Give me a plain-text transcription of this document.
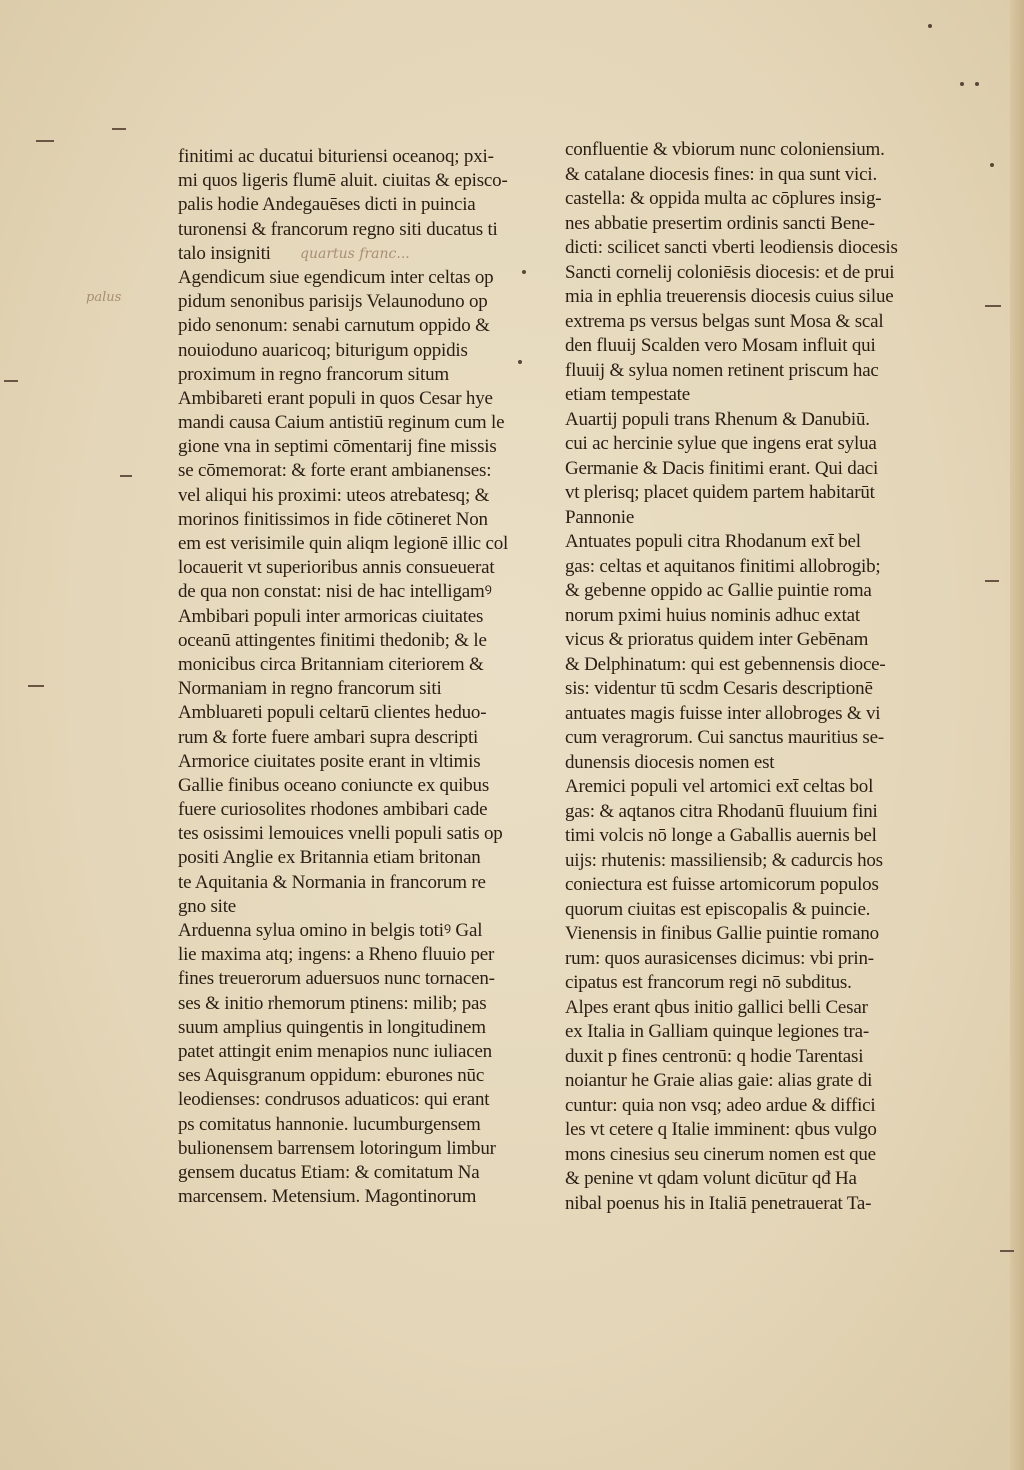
finitimi ac ducatui bituriensi oceanoq; pxi-
mi quos ligeris flumē aluit. ciuitas & episco-
palis hodie Andegauēses dicti in puincia
turonensi & francorum regno siti ducatus ti
talo insigniti
Agendicum siue egendicum inter celtas op
pidum senonibus parisijs Velaunoduno op
pido senonum: senabi carnutum oppido &
nouioduno auaricoq; biturigum oppidis
proximum in regno francorum situm
Ambibareti erant populi in quos Cesar hye
mandi causa Caium antistiū reginum cum le
gione vna in septimi cōmentarij fine missis
se cōmemorat: & forte erant ambianenses:
vel aliqui his proximi: uteos atrebatesq; &
morinos finitissimos in fide cōtineret Non
em est verisimile quin aliqm legionē illic col
locauerit vt superioribus annis consueuerat
de qua non constat: nisi de hac intelligamꝰ
Ambibari populi inter armoricas ciuitates
oceanū attingentes finitimi thedonib; & le
monicibus circa Britanniam citeriorem &
Normaniam in regno francorum siti
Ambluareti populi celtarū clientes heduo-
rum & forte fuere ambari supra descripti
Armorice ciuitates posite erant in vltimis
Gallie finibus oceano coniuncte ex quibus
fuere curiosolites rhodones ambibari cade
tes osissimi lemouices vnelli populi satis op
positi Anglie ex Britannia etiam britonan
te Aquitania & Normania in francorum re
gno site
Arduenna sylua omino in belgis totiꝰ Gal
lie maxima atq; ingens: a Rheno fluuio per
fines treuerorum aduersuos nunc tornacen-
ses & initio rhemorum ptinens: milib; pas
suum amplius quingentis in longitudinem
patet attingit enim menapios nunc iuliacen
ses Aquisgranum oppidum: eburones nūc
leodienses: condrusos aduaticos: qui erant
ps comitatus hannonie. lucumburgensem
bulionensem barrensem lotoringum limbur
gensem ducatus Etiam: & comitatum Na
marcensem. Metensium. Magontinorum
confluentie & vbiorum nunc coloniensium.
& catalane diocesis fines: in qua sunt vici.
castella: & oppida multa ac cōplures insig-
nes abbatie presertim ordinis sancti Bene-
dicti: scilicet sancti vberti leodiensis diocesis
Sancti cornelij coloniēsis diocesis: et de prui
mia in ephlia treuerensis diocesis cuius silue
extrema ps versus belgas sunt Mosa & scal
den fluuij Scalden vero Mosam influit qui
fluuij & sylua nomen retinent priscum hac
etiam tempestate
Auartij populi trans Rhenum & Danubiū.
cui ac hercinie sylue que ingens erat sylua
Germanie & Dacis finitimi erant. Qui daci
vt plerisq; placet quidem partem habitarūt
Pannonie
Antuates populi citra Rhodanum ext̄ bel
gas: celtas et aquitanos finitimi allobrogib;
& gebenne oppido ac Gallie puintie roma
norum pximi huius nominis adhuc extat
vicus & prioratus quidem inter Gebēnam
& Delphinatum: qui est gebennensis dioce-
sis: videntur tū scdm Cesaris descriptionē
antuates magis fuisse inter allobroges & vi
cum veragrorum. Cui sanctus mauritius se-
dunensis diocesis nomen est
Aremici populi vel artomici ext̄ celtas bol
gas: & aqtanos citra Rhodanū fluuium fini
timi volcis nō longe a Gaballis auernis bel
uijs: rhutenis: massiliensib; & cadurcis hos
coniectura est fuisse artomicorum populos
quorum ciuitas est episcopalis & puincie.
Vienensis in finibus Gallie puintie romano
rum: quos aurasicenses dicimus: vbi prin-
cipatus est francorum regi nō subditus.
Alpes erant qbus initio gallici belli Cesar
ex Italia in Galliam quinque legiones tra-
duxit p fines centronū: q hodie Tarentasi
noiantur he Graie alias gaie: alias grate di
cuntur: quia non vsq; adeo ardue & diffici
les vt cetere q Italie imminent: qbus vulgo
mons cinesius seu cinerum nomen est que
& penine vt qdam volunt dicūtur qđ Ha
nibal poenus his in Italiā penetrauerat Ta-
quartus franc...
palus
